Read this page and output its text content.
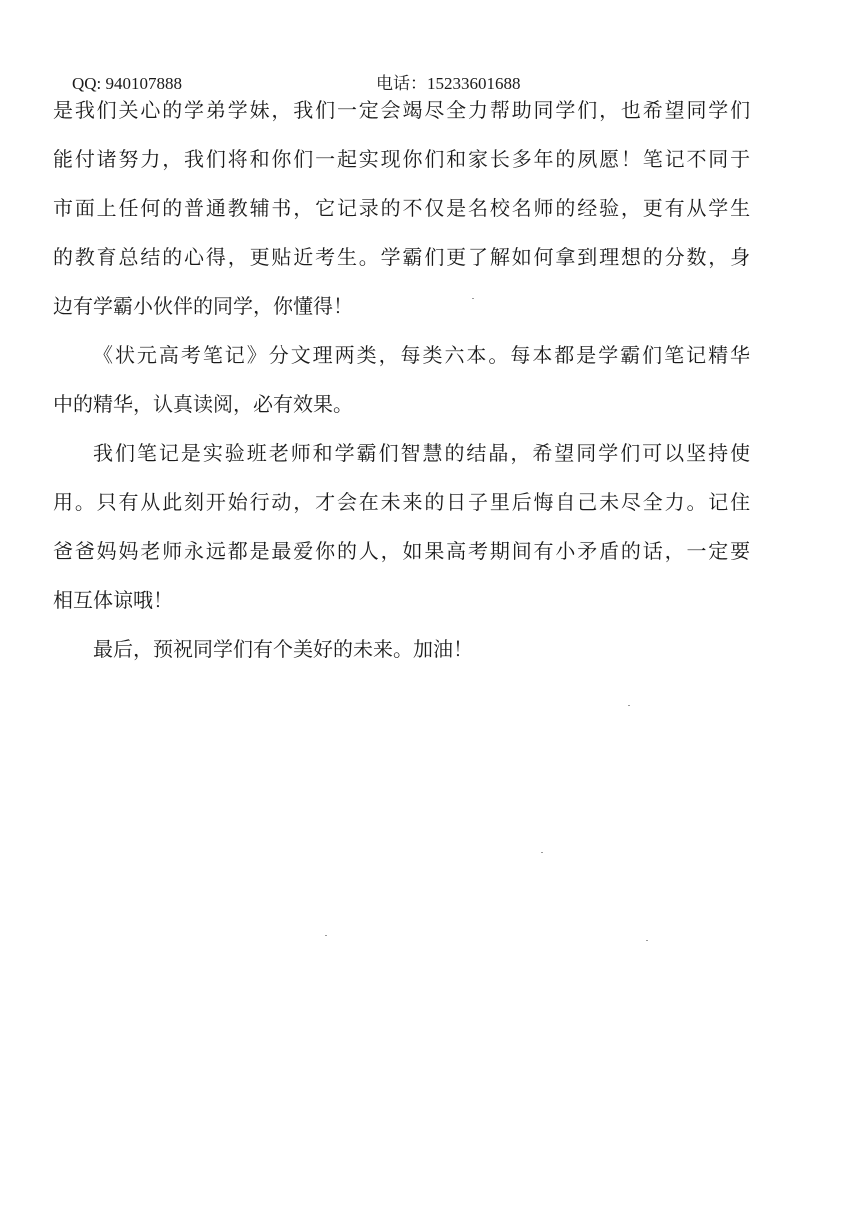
QQ: 940107888	电话：15233601688
是我们关心的学弟学妹，我们一定会竭尽全力帮助同学们，也希望同学们
能付诸努力，我们将和你们一起实现你们和家长多年的夙愿！笔记不同于
市面上任何的普通教辅书，它记录的不仅是名校名师的经验，更有从学生
的教育总结的心得，更贴近考生。学霸们更了解如何拿到理想的分数，身
边有学霸小伙伴的同学，你懂得！
《状元高考笔记》分文理两类，每类六本。每本都是学霸们笔记精华
中的精华，认真读阅，必有效果。
我们笔记是实验班老师和学霸们智慧的结晶，希望同学们可以坚持使
用。只有从此刻开始行动，才会在未来的日子里后悔自己未尽全力。记住
爸爸妈妈老师永远都是最爱你的人，如果高考期间有小矛盾的话，一定要
相互体谅哦！
最后，预祝同学们有个美好的未来。加油！
